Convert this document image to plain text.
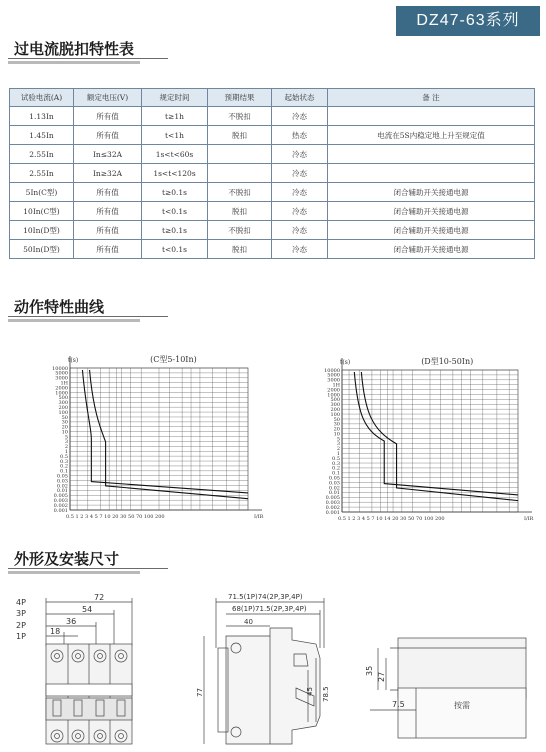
DZ47-63系列
过电流脱扣特性表
试验电流(A)	额定电压(V)	规定时间	预期结果	起始状态	备 注
1.13In	所有值	t≥1h	不脱扣	冷态	
1.45In	所有值	t<1h	脱扣	热态	电流在5S内稳定地上升至规定值
2.55In	In≤32A	1s<t<60s		冷态	
2.55In	In≥32A	1s<t<120s		冷态	
5In(C型)	所有值	t≥0.1s	不脱扣	冷态	闭合辅助开关接通电源
10In(C型)	所有值	t<0.1s	脱扣	冷态	闭合辅助开关接通电源
10In(D型)	所有值	t≥0.1s	不脱扣	冷态	闭合辅助开关接通电源
50In(D型)	所有值	t<0.1s	脱扣	冷态	闭合辅助开关接通电源
动作特性曲线
(C型5-10In)
t(s)
10000
5000
3000
1H
2000
1000
500
300
200
100
50
30
20
10
5
3
2
1
0.5
0.3
0.2
0.1
0.05
0.03
0.02
0.01
0.005
0.003
0.002
0.001
0.5 1 2 3 4 5 7 10 20 30 50 70 100 200	I/IR
(D型10-50In)
t(s)
10000
5000
3000
1H
2000
1000
500
300
200
100
50
30
20
10
5
3
2
1
0.5
0.3
0.2
0.1
0.05
0.03
0.02
0.01
0.005
0.003
0.002
0.001
0.5 1 2 3 4 5 7 10 14 20 30 50 70 100 200	I/IR
外形及安装尺寸
4P
3P
2P
1P
72
54
36
18
71.5(1P)74(2P,3P,4P)
68(1P)71.5(2P,3P,4P)
40
77	45 78.5
35
27
7.5	按需
